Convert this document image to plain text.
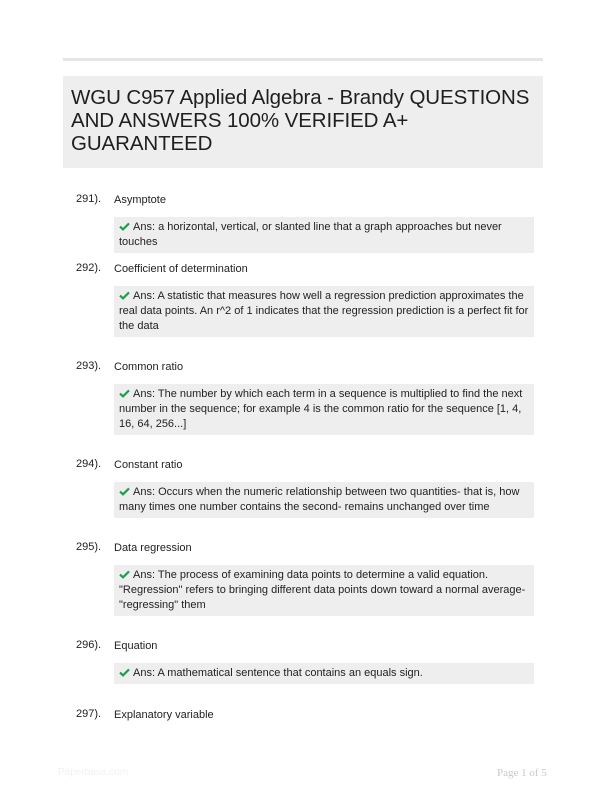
WGU C957 Applied Algebra - Brandy QUESTIONS AND ANSWERS 100% VERIFIED A+ GUARANTEED
291). Asymptote
Ans: a horizontal, vertical, or slanted line that a graph approaches but never touches
292). Coefficient of determination
Ans: A statistic that measures how well a regression prediction approximates the real data points. An r^2 of 1 indicates that the regression prediction is a perfect fit for the data
293). Common ratio
Ans: The number by which each term in a sequence is multiplied to find the next number in the sequence; for example 4 is the common ratio for the sequence [1, 4, 16, 64, 256...]
294). Constant ratio
Ans: Occurs when the numeric relationship between two quantities- that is, how many times one number contains the second- remains unchanged over time
295). Data regression
Ans: The process of examining data points to determine a valid equation. "Regression" refers to bringing different data points down toward a normal average- "regressing" them
296). Equation
Ans: A mathematical sentence that contains an equals sign.
297). Explanatory variable
Paperbase.com	Page 1 of 5
